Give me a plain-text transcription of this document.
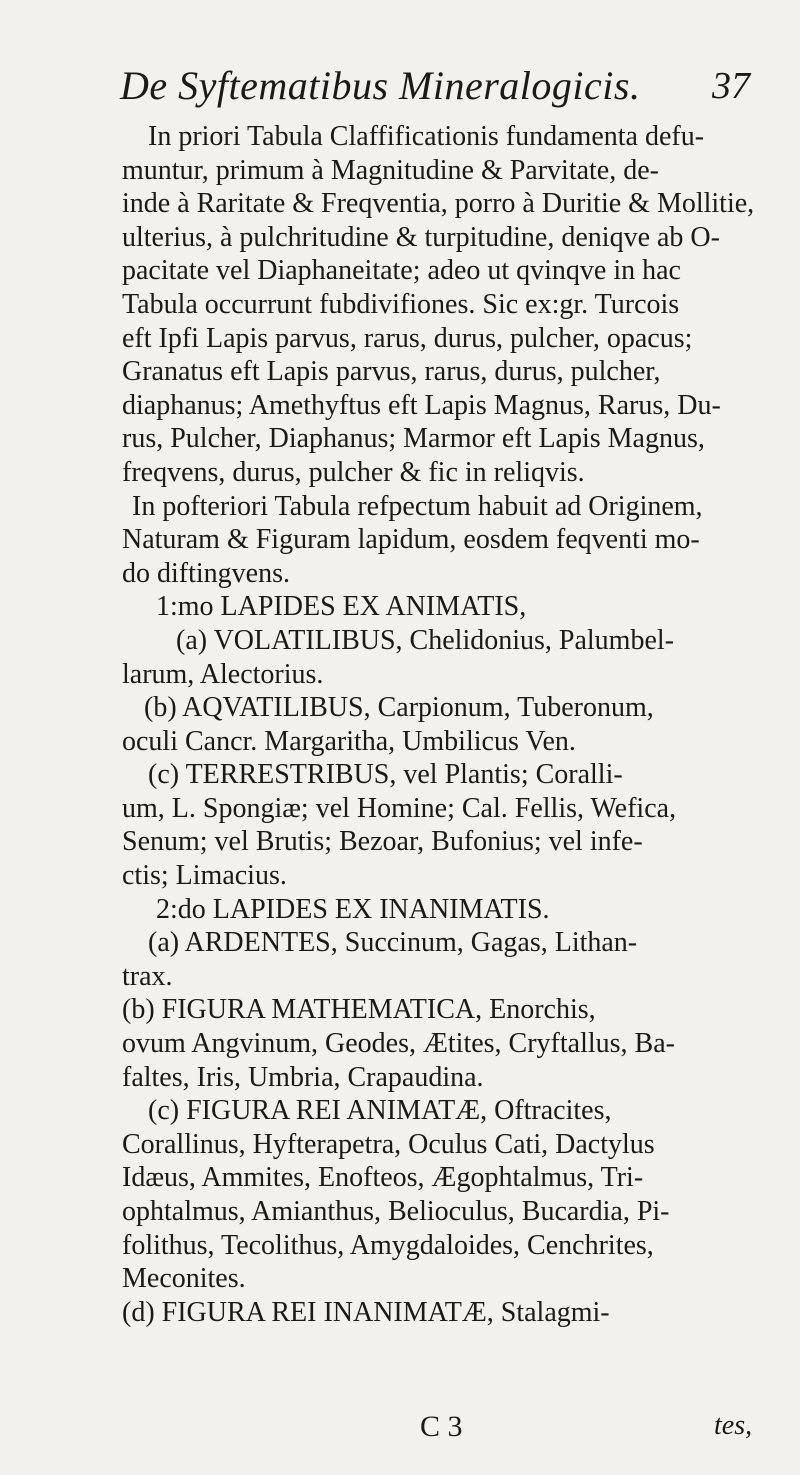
De Syftematibus Mineralogicis. 37
In priori Tabula Claffificationis fundamenta defu-
muntur, primum à Magnitudine & Parvitate, de-
inde à Raritate & Freqventia, porro à Duritie & Mollitie,
ulterius, à pulchritudine & turpitudine, deniqve ab O-
pacitate vel Diaphaneitate; adeo ut qvinqve in hac
Tabula occurrunt fubdivifiones. Sic ex:gr. Turcois
eft Ipfi Lapis parvus, rarus, durus, pulcher, opacus;
Granatus eft Lapis parvus, rarus, durus, pulcher,
diaphanus; Amethyftus eft Lapis Magnus, Rarus, Du-
rus, Pulcher, Diaphanus; Marmor eft Lapis Magnus,
freqvens, durus, pulcher & fic in reliqvis.
In pofteriori Tabula refpectum habuit ad Originem,
Naturam & Figuram lapidum, eosdem feqventi mo-
do diftingvens.
1:mo LAPIDES EX ANIMATIS,
(a) VOLATILIBUS, Chelidonius, Palumbel-
larum, Alectorius.
(b) AQVATILIBUS, Carpionum, Tuberonum,
oculi Cancr. Margaritha, Umbilicus Ven.
(c) TERRESTRIBUS, vel Plantis; Coralli-
um, L. Spongiæ; vel Homine; Cal. Fellis, Wefica,
Senum; vel Brutis; Bezoar, Bufonius; vel infe-
ctis; Limacius.
2:do LAPIDES EX INANIMATIS.
(a) ARDENTES, Succinum, Gagas, Lithan-
trax.
(b) FIGURA MATHEMATICA, Enorchis,
ovum Angvinum, Geodes, Ætites, Cryftallus, Ba-
faltes, Iris, Umbria, Crapaudina.
(c) FIGURA REI ANIMATÆ, Oftracites,
Corallinus, Hyfterapetra, Oculus Cati, Dactylus
Idæus, Ammites, Enofteos, Ægophtalmus, Tri-
ophtalmus, Amianthus, Belioculus, Bucardia, Pi-
folithus, Tecolithus, Amygdaloides, Cenchrites,
Meconites.
(d) FIGURA REI INANIMATÆ, Stalagmi-
C 3	tes,
